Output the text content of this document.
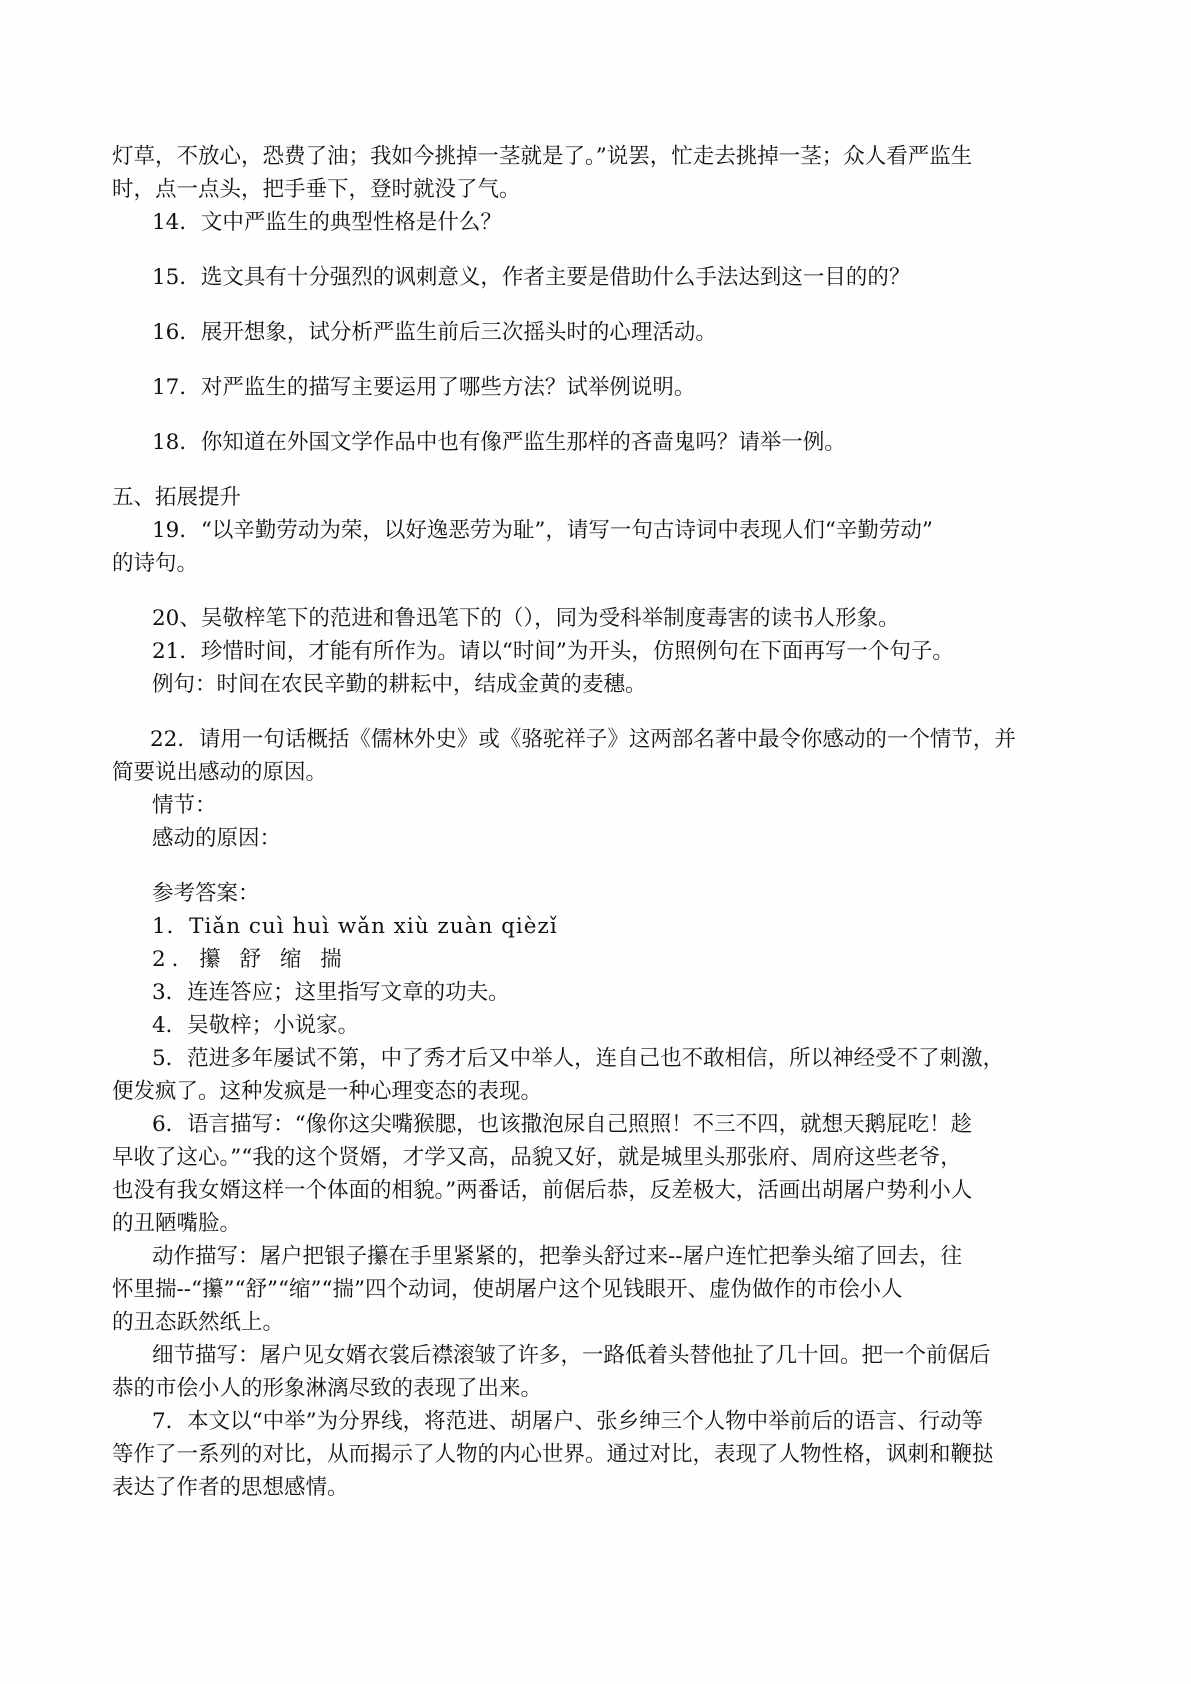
灯草，不放心，恐费了油；我如今挑掉一茎就是了。”说罢，忙走去挑掉一茎；众人看严监生

时，点一点头，把手垂下，登时就没了气。

14．文中严监生的典型性格是什么？

15．选文具有十分强烈的讽刺意义，作者主要是借助什么手法达到这一目的的？

16．展开想象，试分析严监生前后三次摇头时的心理活动。

17．对严监生的描写主要运用了哪些方法？试举例说明。

18．你知道在外国文学作品中也有像严监生那样的吝啬鬼吗？请举一例。

五、拓展提升

19．“以辛勤劳动为荣，以好逸恶劳为耻”，请写一句古诗词中表现人们“辛勤劳动”

的诗句。

20、吴敬梓笔下的范进和鲁迅笔下的（），同为受科举制度毒害的读书人形象。

21．珍惜时间，才能有所作为。请以“时间”为开头，仿照例句在下面再写一个句子。

例句：时间在农民辛勤的耕耘中，结成金黄的麦穗。

22．请用一句话概括《儒林外史》或《骆驼祥子》这两部名著中最令你感动的一个情节，并

简要说出感动的原因。

情节：

感动的原因：

参考答案：

1．Tiǎn cuì huì wǎn xiù zuàn qièzǐ

2．攥 舒 缩 揣

3．连连答应；这里指写文章的功夫。

4．吴敬梓；小说家。

5．范进多年屡试不第，中了秀才后又中举人，连自己也不敢相信，所以神经受不了刺激，

便发疯了。这种发疯是一种心理变态的表现。

6．语言描写：“像你这尖嘴猴腮，也该撒泡尿自己照照！不三不四，就想天鹅屁吃！趁

早收了这心。”“我的这个贤婿，才学又高，品貌又好，就是城里头那张府、周府这些老爷，

也没有我女婿这样一个体面的相貌。”两番话，前倨后恭，反差极大，活画出胡屠户势利小人

的丑陋嘴脸。

动作描写：屠户把银子攥在手里紧紧的，把拳头舒过来--屠户连忙把拳头缩了回去，往

怀里揣--“攥”“舒”“缩”“揣”四个动词，使胡屠户这个见钱眼开、虚伪做作的市侩小人

的丑态跃然纸上。

细节描写：屠户见女婿衣裳后襟滚皱了许多，一路低着头替他扯了几十回。把一个前倨后

恭的市侩小人的形象淋漓尽致的表现了出来。

7．本文以“中举”为分界线，将范进、胡屠户、张乡绅三个人物中举前后的语言、行动等

等作了一系列的对比，从而揭示了人物的内心世界。通过对比，表现了人物性格，讽刺和鞭挞

表达了作者的思想感情。
